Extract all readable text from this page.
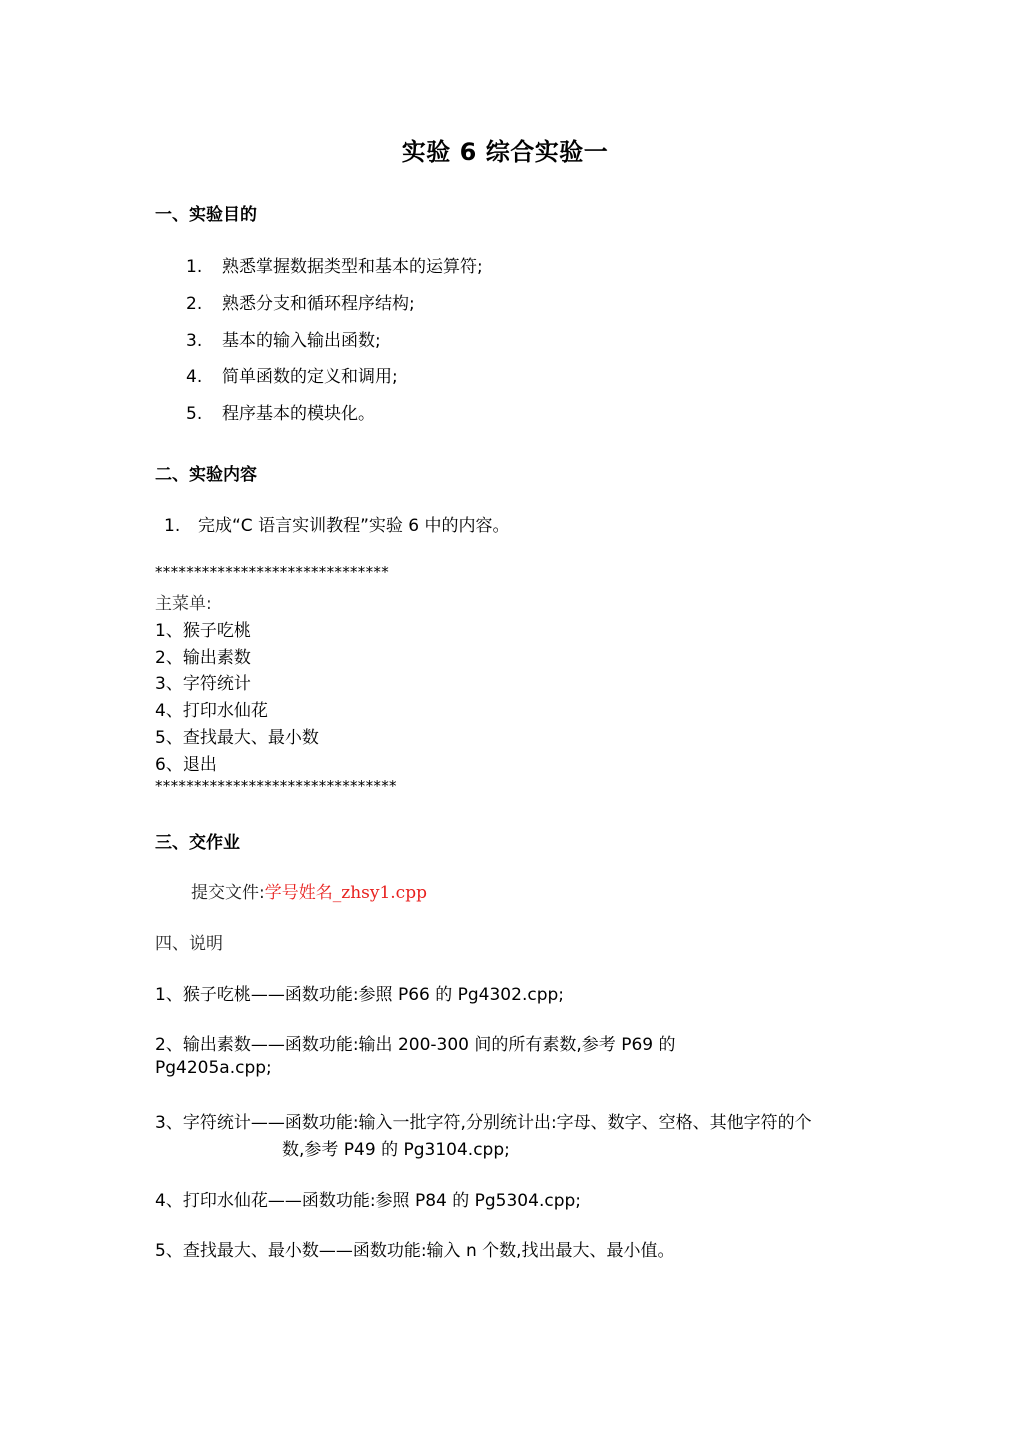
实验 6 综合实验一
一、实验目的
1. 熟悉掌握数据类型和基本的运算符;
2. 熟悉分支和循环程序结构;
3. 基本的输入输出函数;
4. 简单函数的定义和调用;
5. 程序基本的模块化。
二、实验内容
1. 完成“C 语言实训教程”实验 6 中的内容。
******************************
主菜单:
1、猴子吃桃
2、输出素数
3、字符统计
4、打印水仙花
5、查找最大、最小数
6、退出
*******************************
三、交作业
提交文件:学号姓名_zhsy1.cpp
四、说明
1、猴子吃桃——函数功能:参照 P66 的 Pg4302.cpp;
2、输出素数——函数功能:输出 200-300 间的所有素数,参考 P69 的
Pg4205a.cpp;
3、字符统计——函数功能:输入一批字符,分别统计出:字母、数字、空格、其他字符的个
数,参考 P49 的 Pg3104.cpp;
4、打印水仙花——函数功能:参照 P84 的 Pg5304.cpp;
5、查找最大、最小数——函数功能:输入 n 个数,找出最大、最小值。
